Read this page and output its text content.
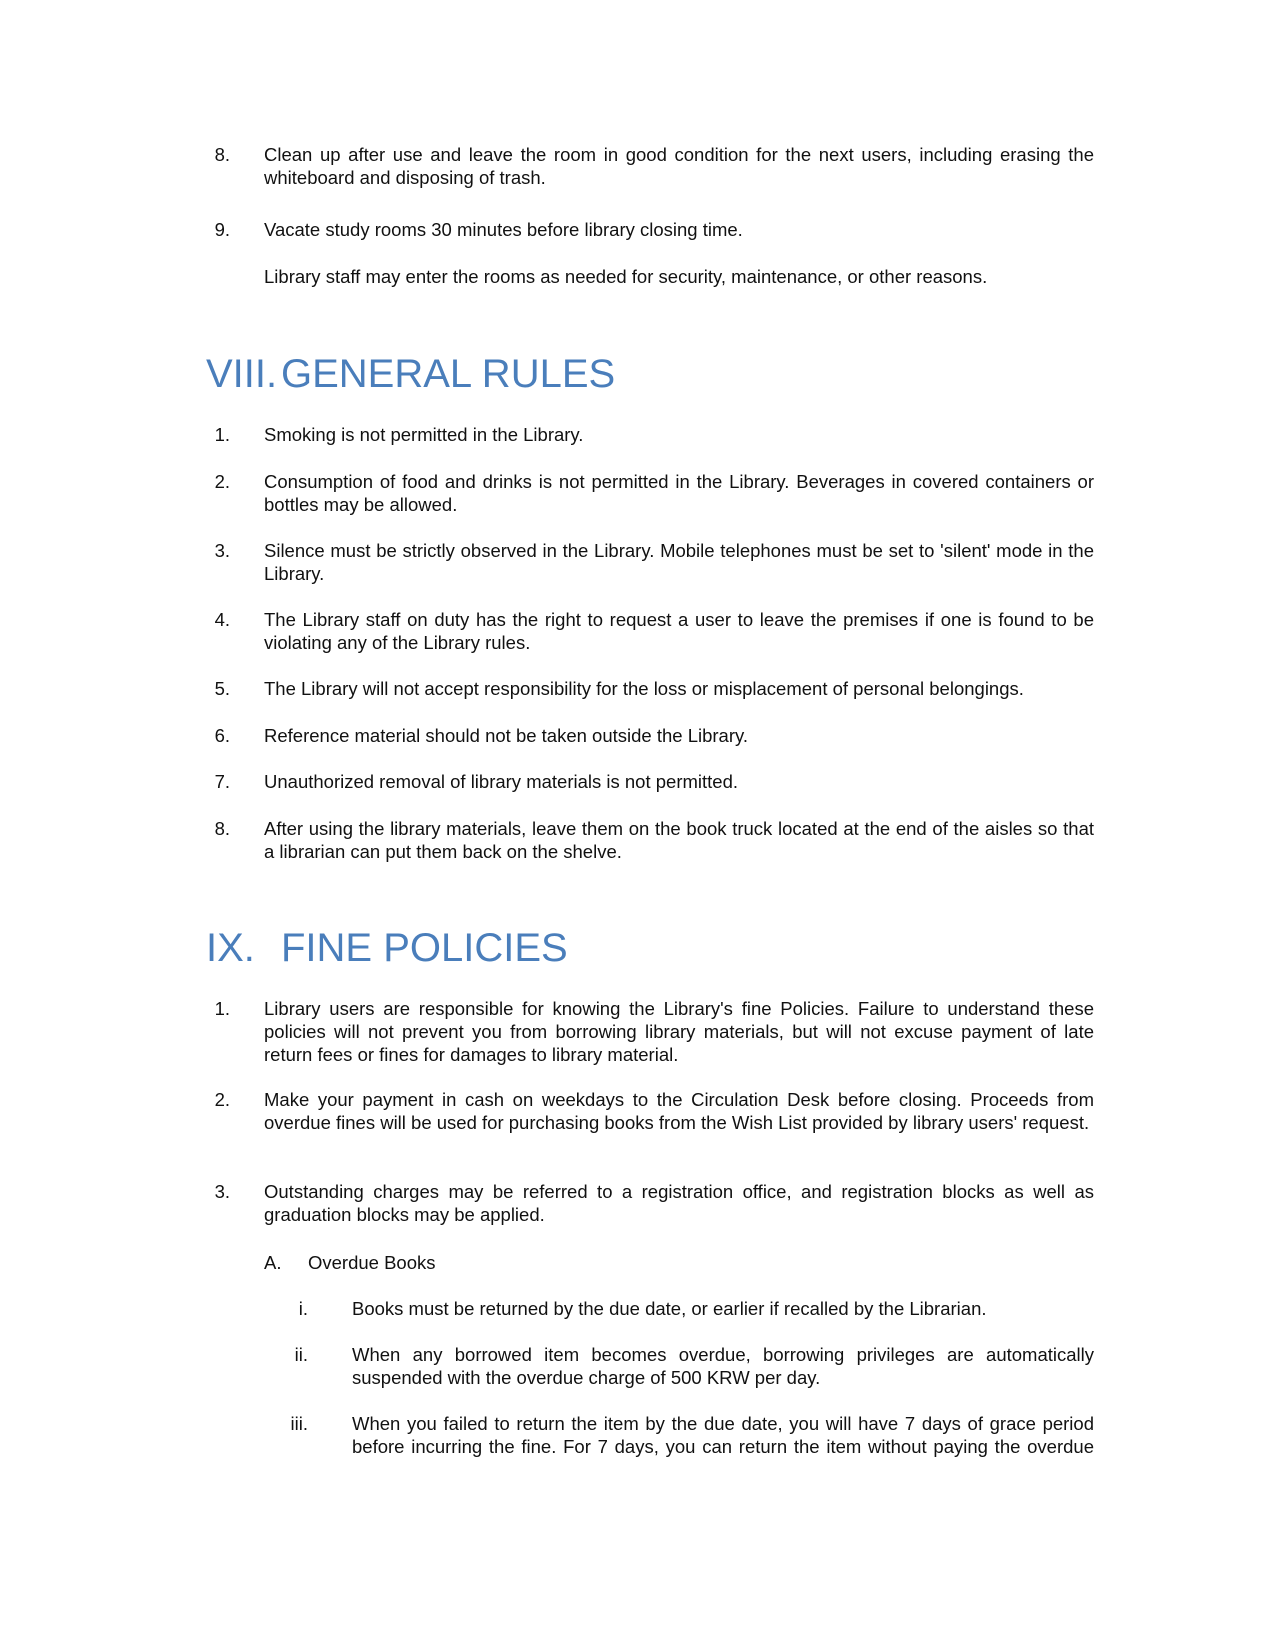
8. Clean up after use and leave the room in good condition for the next users, including erasing the whiteboard and disposing of trash.
9. Vacate study rooms 30 minutes before library closing time.
Library staff may enter the rooms as needed for security, maintenance, or other reasons.
VIII. GENERAL RULES
1. Smoking is not permitted in the Library.
2. Consumption of food and drinks is not permitted in the Library. Beverages in covered containers or bottles may be allowed.
3. Silence must be strictly observed in the Library. Mobile telephones must be set to 'silent' mode in the Library.
4. The Library staff on duty has the right to request a user to leave the premises if one is found to be violating any of the Library rules.
5. The Library will not accept responsibility for the loss or misplacement of personal belongings.
6. Reference material should not be taken outside the Library.
7. Unauthorized removal of library materials is not permitted.
8. After using the library materials, leave them on the book truck located at the end of the aisles so that a librarian can put them back on the shelve.
IX. FINE POLICIES
1. Library users are responsible for knowing the Library's fine Policies. Failure to understand these policies will not prevent you from borrowing library materials, but will not excuse payment of late return fees or fines for damages to library material.
2. Make your payment in cash on weekdays to the Circulation Desk before closing. Proceeds from overdue fines will be used for purchasing books from the Wish List provided by library users' request.
3. Outstanding charges may be referred to a registration office, and registration blocks as well as graduation blocks may be applied.
A. Overdue Books
i. Books must be returned by the due date, or earlier if recalled by the Librarian.
ii. When any borrowed item becomes overdue, borrowing privileges are automatically suspended with the overdue charge of 500 KRW per day.
iii. When you failed to return the item by the due date, you will have 7 days of grace period before incurring the fine. For 7 days, you can return the item without paying the overdue
